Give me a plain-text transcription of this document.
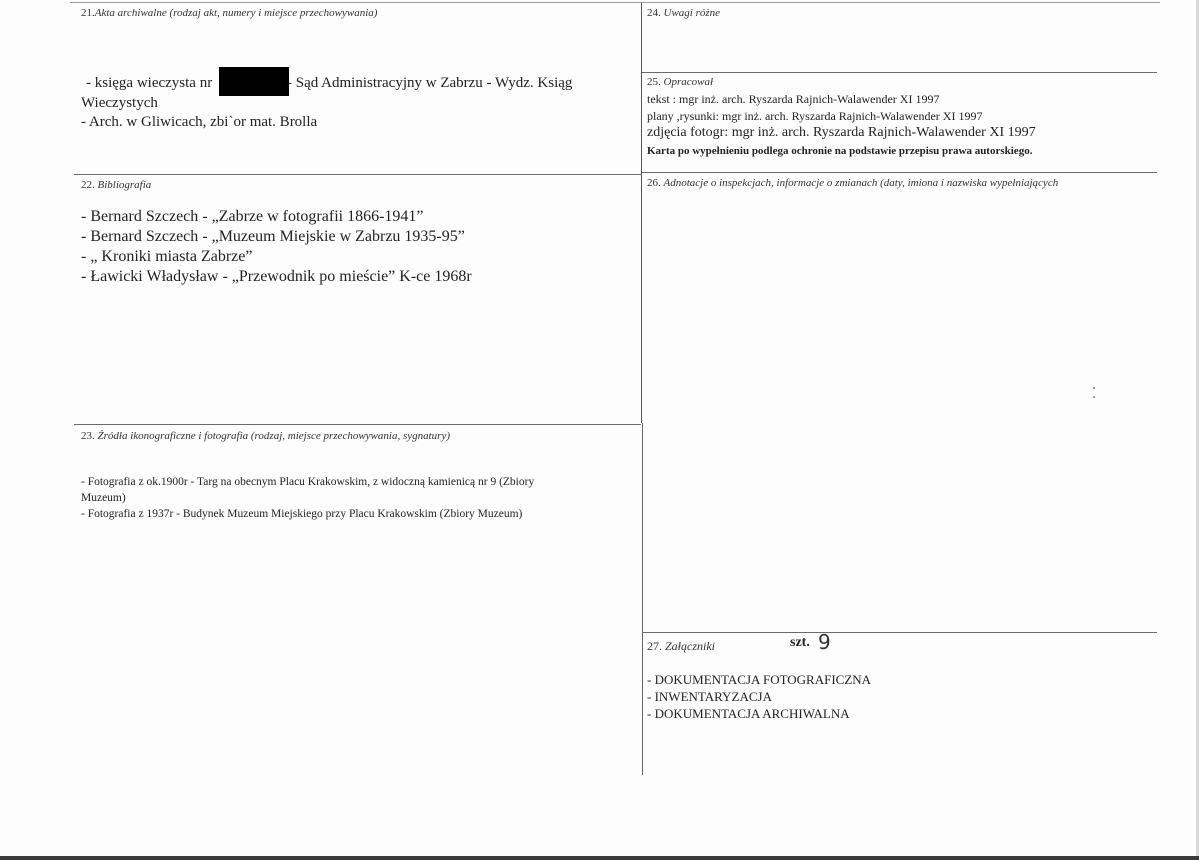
21.Akta archiwalne (rodzaj akt, numery i miejsce przechowywania)
- księga wieczysta nr	- Sąd Administracyjny w Zabrzu - Wydz. Ksiąg
Wieczystych
- Arch. w Gliwicach, zbi`or mat. Brolla
22. Bibliografia
- Bernard Szczech - „Zabrze w fotografii 1866-1941”
- Bernard Szczech - „Muzeum Miejskie w Zabrzu 1935-95”
- „ Kroniki miasta Zabrze”
- Ławicki Władysław - „Przewodnik po mieście” K-ce 1968r
23. Źródła ikonograficzne i fotografia (rodzaj, miejsce przechowywania, sygnatury)
- Fotografia z ok.1900r - Targ na obecnym Placu Krakowskim, z widoczną kamienicą nr 9 (Zbiory
Muzeum)
- Fotografia z 1937r - Budynek Muzeum Miejskiego przy Placu Krakowskim (Zbiory Muzeum)
24. Uwagi różne
25. Opracował
tekst : mgr inż. arch. Ryszarda Rajnich-Walawender XI 1997
plany ,rysunki: mgr inż. arch. Ryszarda Rajnich-Walawender XI 1997
zdjęcia fotogr: mgr inż. arch. Ryszarda Rajnich-Walawender XI 1997
Karta po wypełnieniu podlega ochronie na podstawie przepisu prawa autorskiego.
26. Adnotacje o inspekcjach, informacje o zmianach (daty, imiona i nazwiska wypełniających
27. Załączniki	szt. 9
- DOKUMENTACJA FOTOGRAFICZNA
- INWENTARYZACJA
- DOKUMENTACJA ARCHIWALNA
